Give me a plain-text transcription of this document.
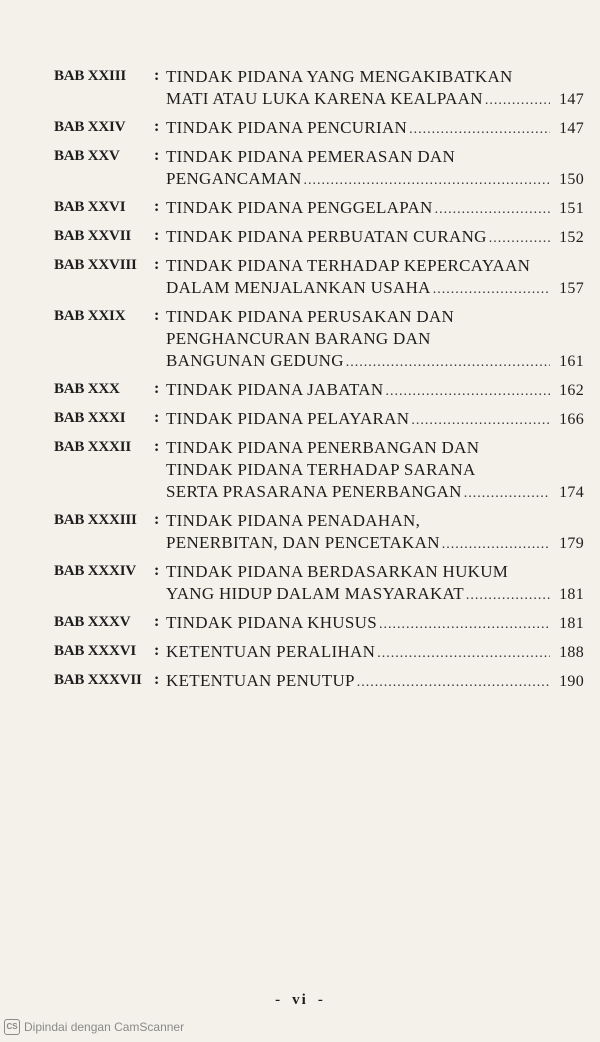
BAB XXIII	: TINDAK PIDANA YANG MENGAKIBATKAN
MATI ATAU LUKA KARENA KEALPAAN .....	147
BAB XXIV	: TINDAK PIDANA PENCURIAN .....	147
BAB XXV	: TINDAK PIDANA PEMERASAN DAN
PENGANCAMAN .....	150
BAB XXVI	: TINDAK PIDANA PENGGELAPAN .....	151
BAB XXVII	: TINDAK PIDANA PERBUATAN CURANG .....	152
BAB XXVIII	: TINDAK PIDANA TERHADAP KEPERCAYAAN
DALAM MENJALANKAN USAHA .....	157
BAB XXIX	: TINDAK PIDANA PERUSAKAN DAN
PENGHANCURAN BARANG DAN
BANGUNAN GEDUNG .....	161
BAB XXX	: TINDAK PIDANA JABATAN .....	162
BAB XXXI	: TINDAK PIDANA PELAYARAN .....	166
BAB XXXII	: TINDAK PIDANA PENERBANGAN DAN
TINDAK PIDANA TERHADAP SARANA
SERTA PRASARANA PENERBANGAN .....	174
BAB XXXIII	: TINDAK PIDANA PENADAHAN,
PENERBITAN, DAN PENCETAKAN .....	179
BAB XXXIV	: TINDAK PIDANA BERDASARKAN HUKUM
YANG HIDUP DALAM MASYARAKAT .....	181
BAB XXXV	: TINDAK PIDANA KHUSUS .....	181
BAB XXXVI	: KETENTUAN PERALIHAN .....	188
BAB XXXVII : KETENTUAN PENUTUP .....	190
- vi -
CS Dipindai dengan CamScanner
